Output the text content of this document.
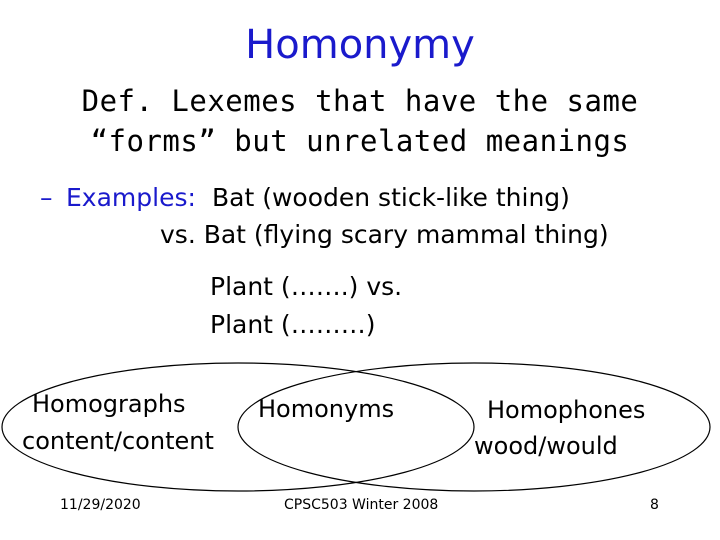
Homonymy
Def. Lexemes that have the same
“forms” but unrelated meanings
– Examples: Bat (wooden stick-like thing)
vs. Bat (flying scary mammal thing)
Plant (…….) vs.
Plant (………)
Homographs
content/content
Homonyms	Homophones
wood/would
11/29/2020	CPSC503 Winter 2008	8
